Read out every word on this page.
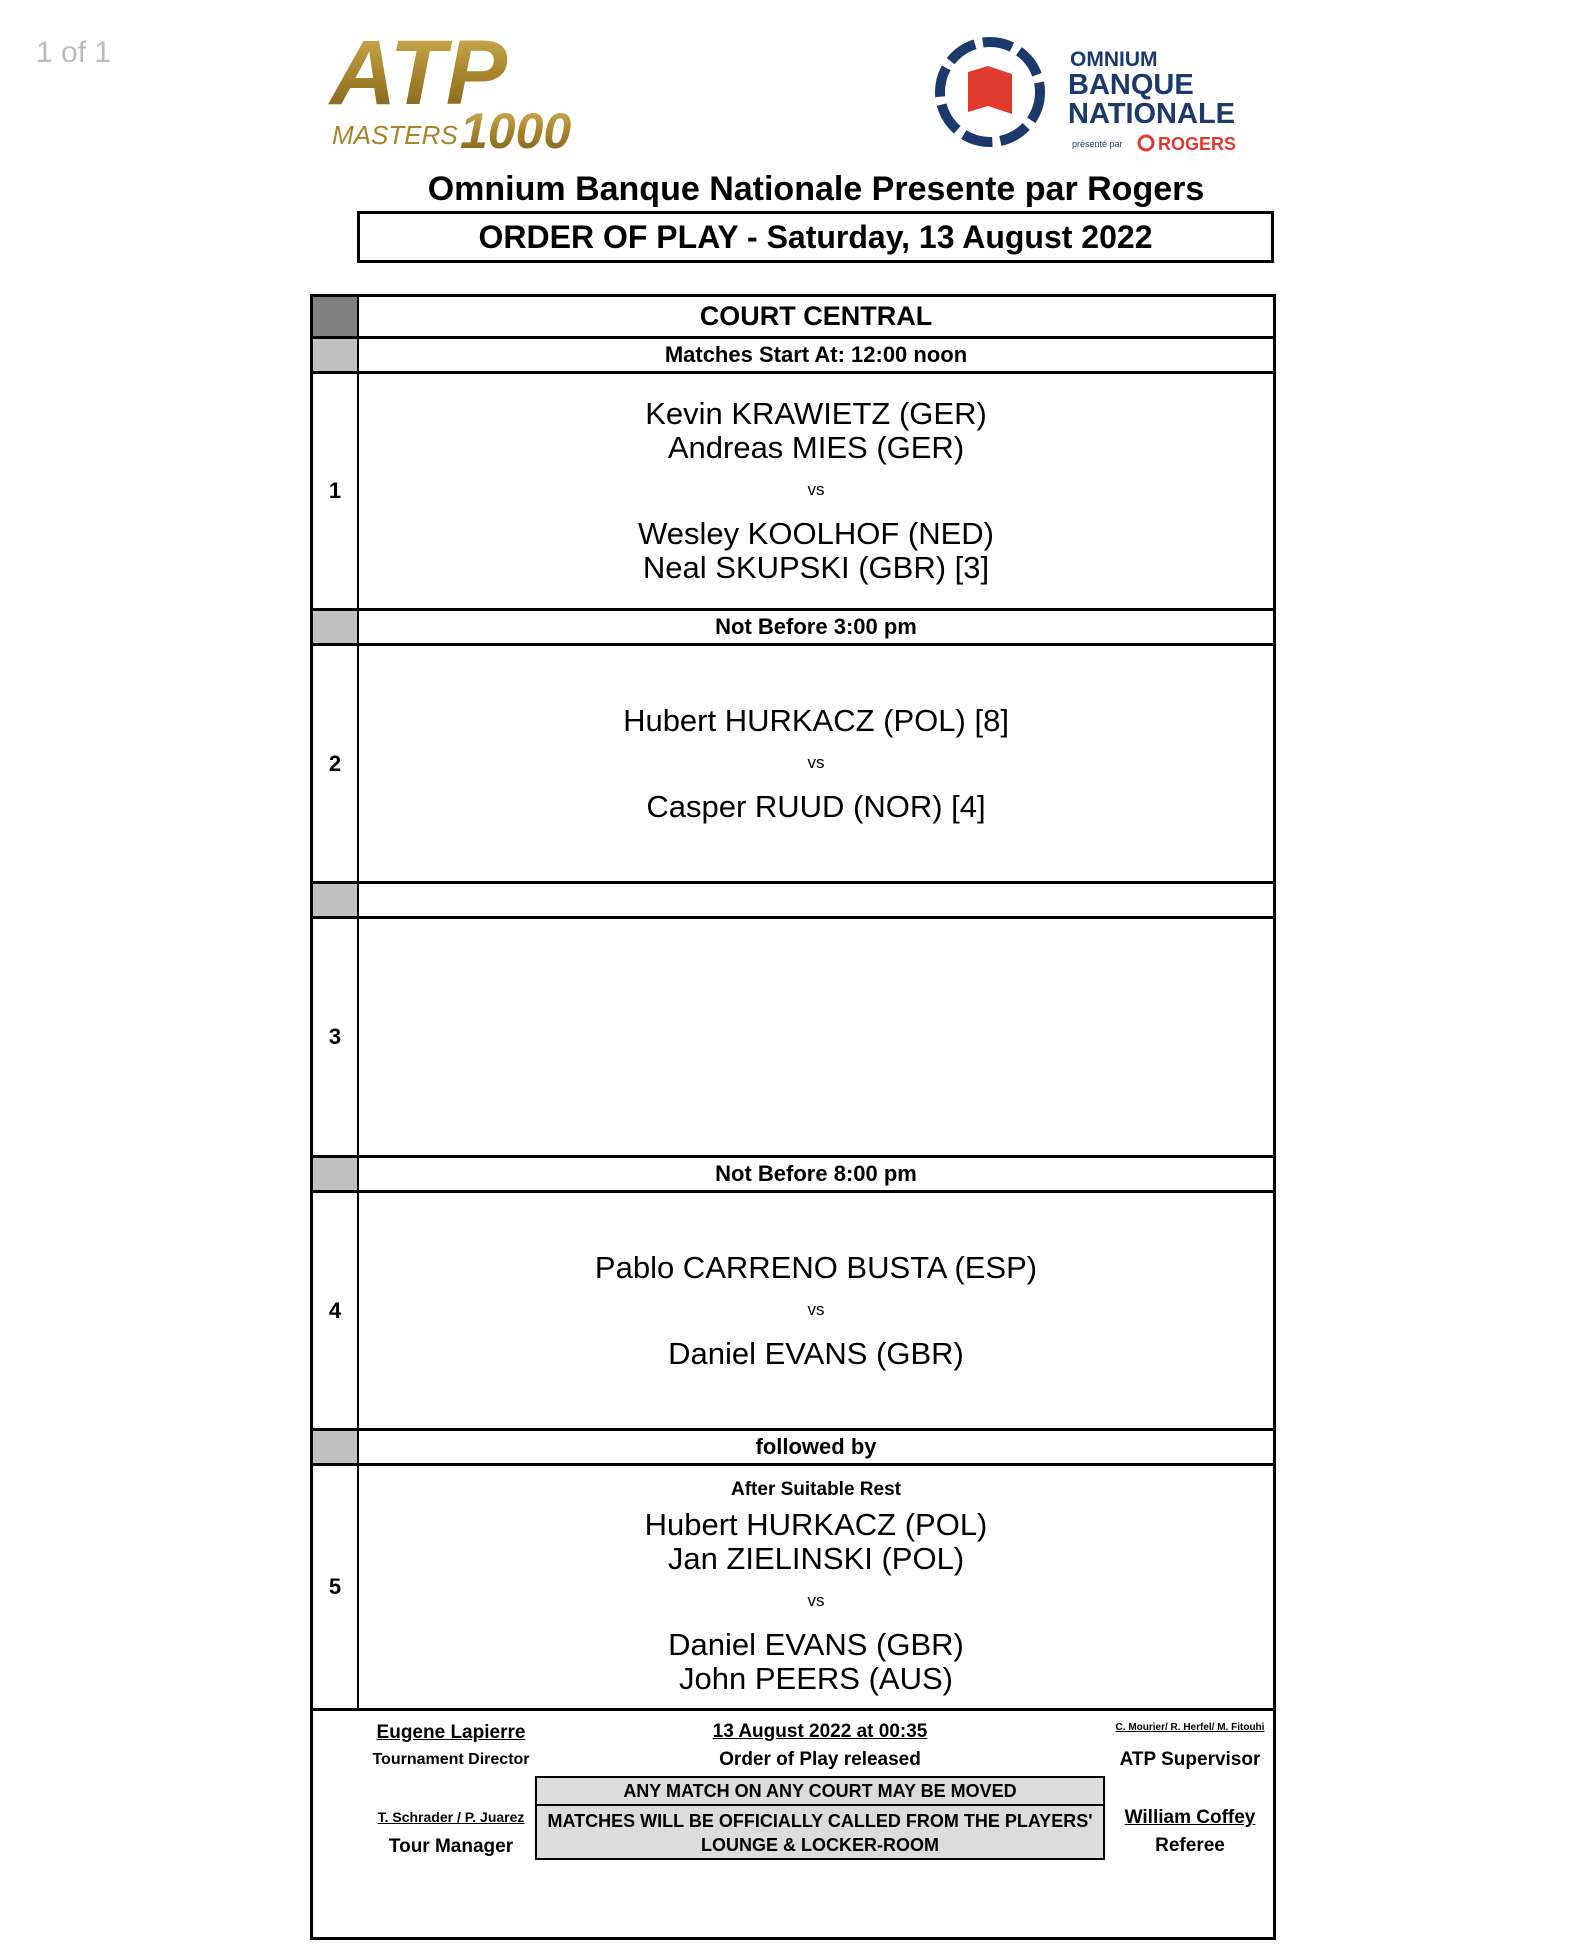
1 of 1 ATP
MASTERS 1000
OMNIUM
BANQUE
NATIONALE
présenté par ROGERS
Omnium Banque Nationale Presente par Rogers
ORDER OF PLAY - Saturday, 13 August 2022
COURT CENTRAL
Matches Start At: 12:00 noon
1
Kevin KRAWIETZ (GER)
Andreas MIES (GER)
vs
Wesley KOOLHOF (NED)
Neal SKUPSKI (GBR) [3]
Not Before 3:00 pm
2
Hubert HURKACZ (POL) [8]
vs
Casper RUUD (NOR) [4]
3
Not Before 8:00 pm
4
Pablo CARRENO BUSTA (ESP)
vs
Daniel EVANS (GBR)
followed by
5
After Suitable Rest
Hubert HURKACZ (POL)
Jan ZIELINSKI (POL)
vs
Daniel EVANS (GBR)
John PEERS (AUS)
Eugene Lapierre
Tournament Director
T. Schrader / P. Juarez
Tour Manager
13 August 2022 at 00:35
Order of Play released
ANY MATCH ON ANY COURT MAY BE MOVED
MATCHES WILL BE OFFICIALLY CALLED FROM THE PLAYERS'
LOUNGE & LOCKER-ROOM
C. Mourier/ R. Herfel/ M. Fitouhi
ATP Supervisor
William Coffey
Referee
